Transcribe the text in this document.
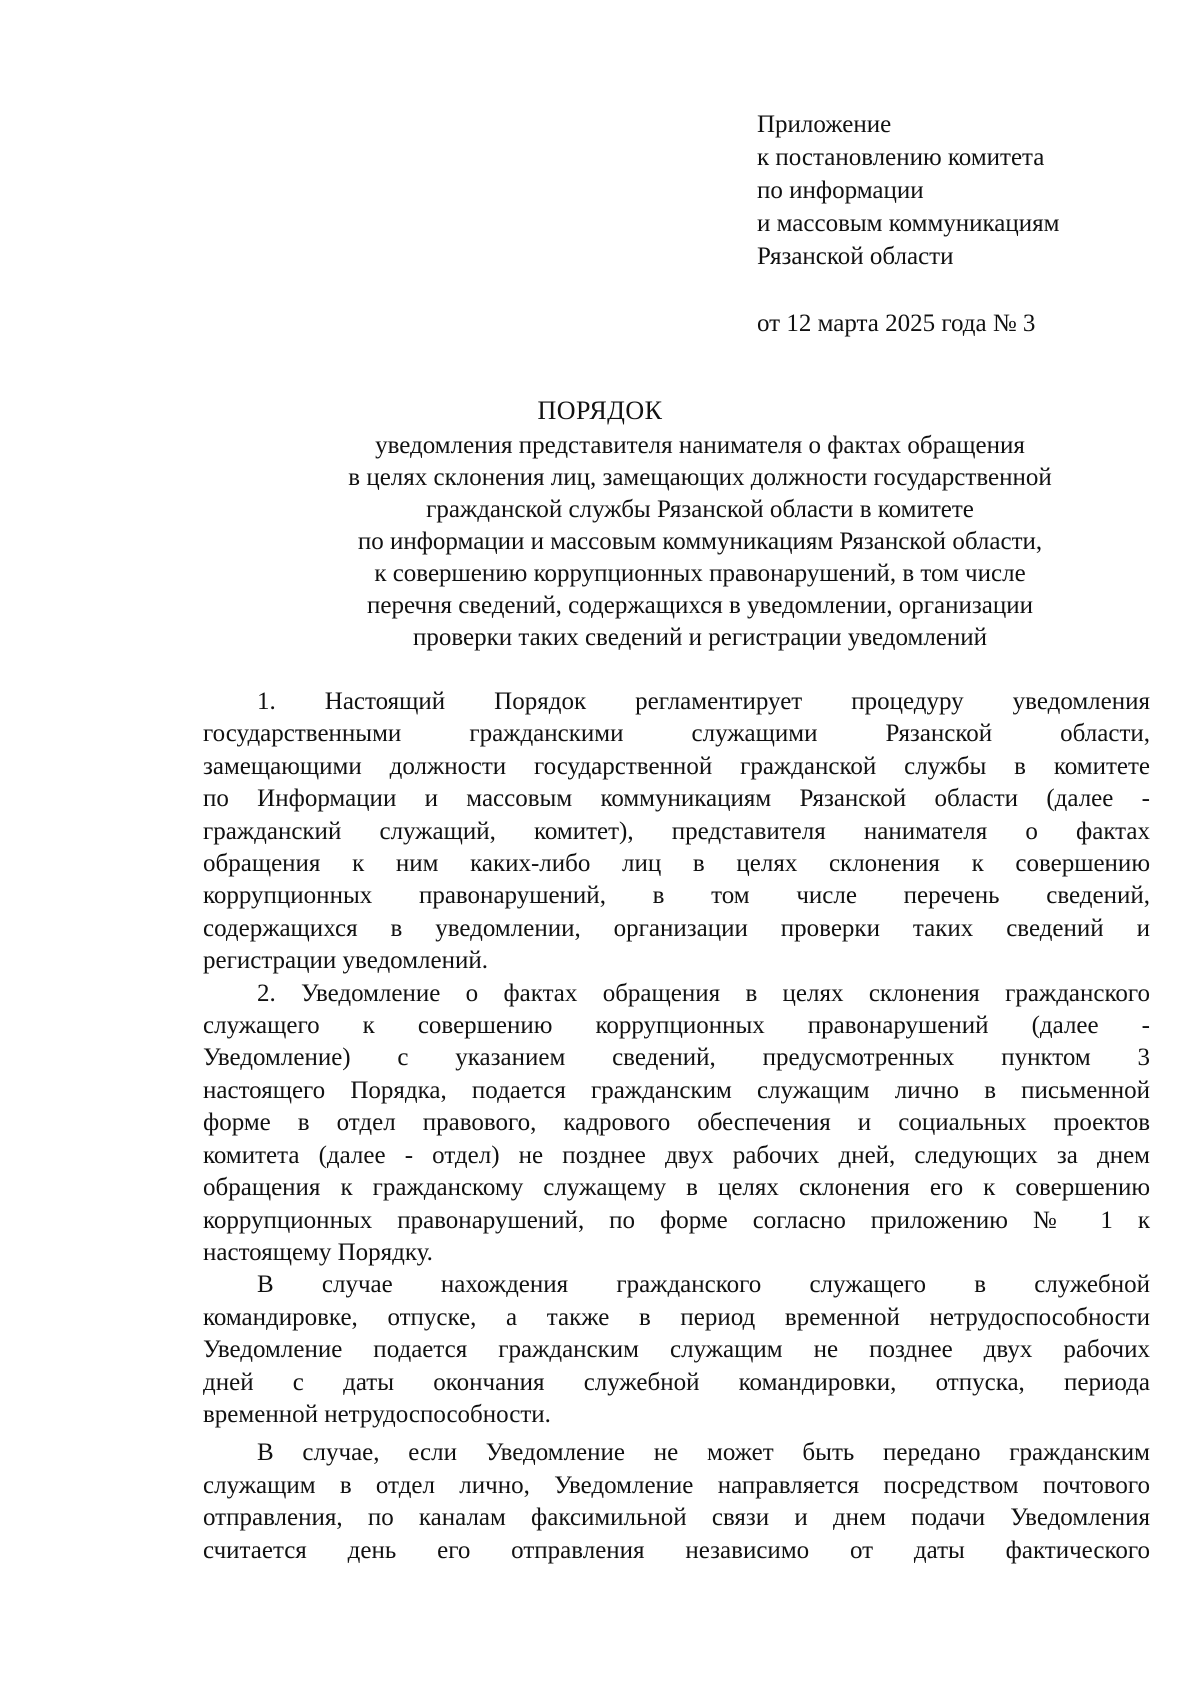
Приложение
к постановлению комитета
по информации
и массовым коммуникациям
Рязанской области
от 12 марта 2025 года № 3
ПОРЯДОК
уведомления представителя нанимателя о фактах обращения
в целях склонения лиц, замещающих должности государственной
гражданской службы Рязанской области в комитете
по информации и массовым коммуникациям Рязанской области,
к совершению коррупционных правонарушений, в том числе
перечня сведений, содержащихся в уведомлении, организации
проверки таких сведений и регистрации уведомлений
1. Настоящий Порядок регламентирует процедуру уведомления
государственными гражданскими служащими Рязанской области,
замещающими должности государственной гражданской службы в комитете
по Информации и массовым коммуникациям Рязанской области (далее -
гражданский служащий, комитет), представителя нанимателя о фактах
обращения к ним каких-либо лиц в целях склонения к совершению
коррупционных правонарушений, в том числе перечень сведений,
содержащихся в уведомлении, организации проверки таких сведений и
регистрации уведомлений.
2. Уведомление о фактах обращения в целях склонения гражданского
служащего к совершению коррупционных правонарушений (далее -
Уведомление) с указанием сведений, предусмотренных пунктом 3
настоящего Порядка, подается гражданским служащим лично в письменной
форме в отдел правового, кадрового обеспечения и социальных проектов
комитета (далее - отдел) не позднее двух рабочих дней, следующих за днем
обращения к гражданскому служащему в целях склонения его к совершению
коррупционных правонарушений, по форме согласно приложению № 1 к
настоящему Порядку.
В случае нахождения гражданского служащего в служебной
командировке, отпуске, а также в период временной нетрудоспособности
Уведомление подается гражданским служащим не позднее двух рабочих
дней с даты окончания служебной командировки, отпуска, периода
временной нетрудоспособности.
В случае, если Уведомление не может быть передано гражданским
служащим в отдел лично, Уведомление направляется посредством почтового
отправления, по каналам факсимильной связи и днем подачи Уведомления
считается день его отправления независимо от даты фактического
